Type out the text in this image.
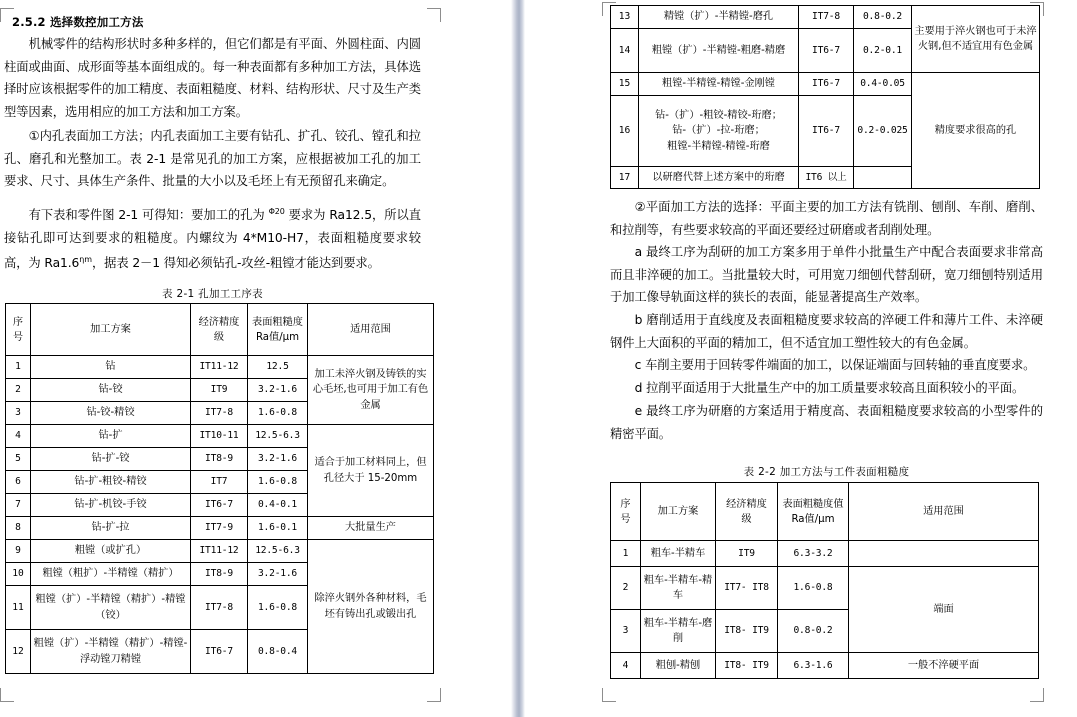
2.5.2 选择数控加工方法

机械零件的结构形状时多种多样的，但它们都是有平面、外圆柱面、内圆柱面或曲面、成形面等基本面组成的。每一种表面都有多种加工方法，具体选择时应该根据零件的加工精度、表面粗糙度、材料、结构形状、尺寸及生产类型等因素，选用相应的加工方法和加工方案。

①内孔表面加工方法；内孔表面加工主要有钻孔、扩孔、铰孔、镗孔和拉孔、磨孔和光整加工。表 2-1 是常见孔的加工方案，应根据被加工孔的加工要求、尺寸、具体生产条件、批量的大小以及毛坯上有无预留孔来确定。

有下表和零件图 2-1 可得知：要加工的孔为 $^{\Phi 20}$ 要求为 Ra12.5，所以直接钻孔即可达到要求的粗糙度。内螺纹为 4*M10-H7，表面粗糙度要求较高，为 $Ra1.6^{\eta m}$，据表 2－1 得知必须钻孔-攻丝-粗镗才能达到要求。

表 2-1 孔加工工序表
序
号	加工方案	经济精度
级	表面粗糙度
Ra值/μm	适用范围
1	钻	IT11-12	12.5	加工未淬火钢及铸铁的实心毛坯,也可用于加工有色金属
2	钻-铰	IT9	3.2-1.6	
3	钻-铰-精铰	IT7-8	1.6-0.8	
4	钻-扩	IT10-11	12.5-6.3	适合于加工材料同上，但孔径大于 15-20mm
5	钻-扩-铰	IT8-9	3.2-1.6	
6	钻-扩-粗铰-精铰	IT7	1.6-0.8	
7	钻-扩-机铰-手铰	IT6-7	0.4-0.1	
8	钻-扩-拉	IT7-9	1.6-0.1	大批量生产
9	粗镗（或扩孔）	IT11-12	12.5-6.3	除淬火钢外各种材料，毛坯有铸出孔或锻出孔
10	粗镗（粗扩）-半精镗（精扩）	IT8-9	3.2-1.6	
11	粗镗（扩）-半精镗（精扩）-精镗（铰）	IT7-8	1.6-0.8	
12	粗镗（扩）-半精镗（精扩）-精镗-浮动镗刀精镗	IT6-7	0.8-0.4	
13	精镗（扩）-半精镗-磨孔	IT7-8	0.8-0.2	主要用于淬火钢也可于未淬火钢,但不适宜用有色金属
14	粗镗（扩）-半精镗-粗磨-精磨	IT6-7	0.2-0.1	
15	粗镗-半精镗-精镗-金刚镗	IT6-7	0.4-0.05	精度要求很高的孔
16	钻-（扩）-粗铰-精铰-珩磨；
钻-（扩）-拉-珩磨；
粗镗-半精镗-精镗-珩磨	IT6-7	0.2-0.025	
17	以研磨代替上述方案中的珩磨	IT6 以上		

②平面加工方法的选择：平面主要的加工方法有铣削、刨削、车削、磨削、和拉削等，有些要求较高的平面还要经过研磨或者刮削处理。

a 最终工序为刮研的加工方案多用于单件小批量生产中配合表面要求非常高而且非淬硬的加工。当批量较大时，可用宽刀细刨代替刮研，宽刀细刨特别适用于加工像导轨面这样的狭长的表面，能显著提高生产效率。

b 磨削适用于直线度及表面粗糙度要求较高的淬硬工件和薄片工件、未淬硬钢件上大面积的平面的精加工，但不适宜加工塑性较大的有色金属。

c 车削主要用于回转零件端面的加工，以保证端面与回转轴的垂直度要求。

d 拉削平面适用于大批量生产中的加工质量要求较高且面积较小的平面。

e 最终工序为研磨的方案适用于精度高、表面粗糙度要求较高的小型零件的精密平面。

表 2-2 加工方法与工件表面粗糙度
序
号	加工方案	经济精度
级	表面粗糙度值
Ra值/μm	适用范围
1	粗车-半精车	IT9	6.3-3.2	
2	粗车-半精车-精车	IT7- IT8	1.6-0.8	端面
3	粗车-半精车-磨削	IT8- IT9	0.8-0.2	
4	粗刨-精刨	IT8- IT9	6.3-1.6	一般不淬硬平面
